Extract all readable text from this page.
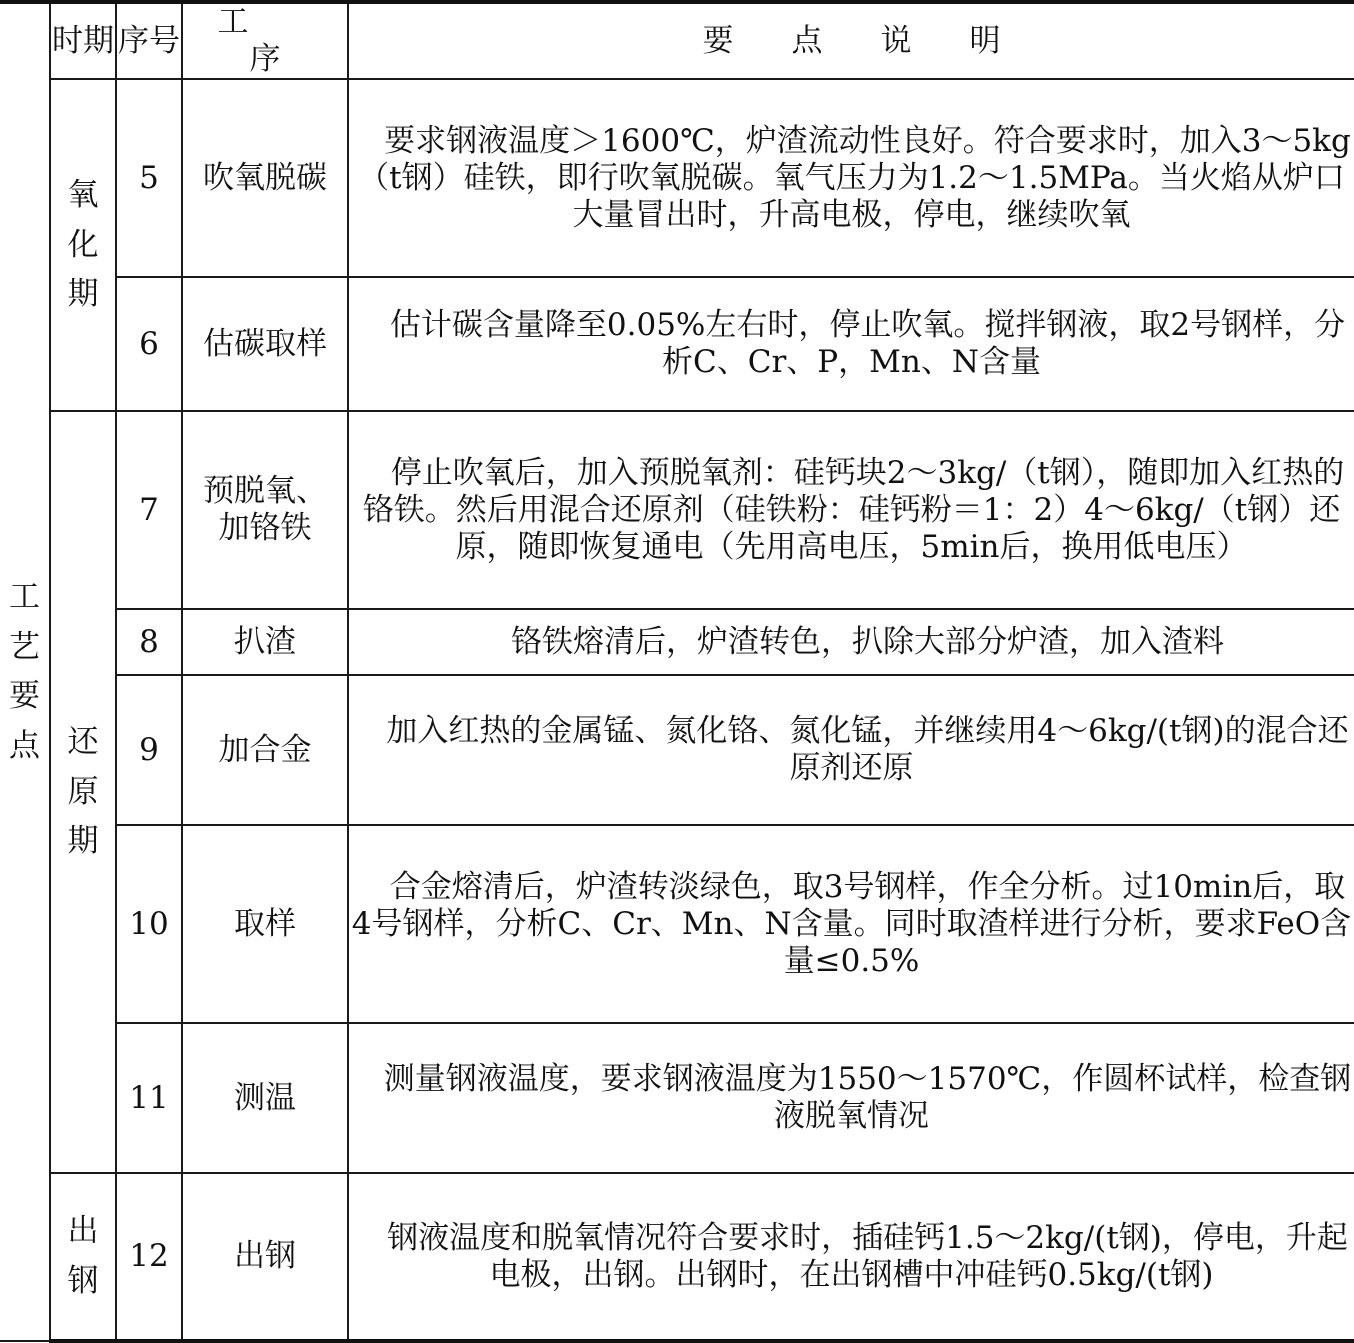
工艺要点	时期	序号	工　　序	要点说明
	氧化期	5	吹氧脱碳	要求钢液温度＞1600℃，炉渣流动性良好。符合要求时，加入3～5kg（t钢）硅铁，即行吹氧脱碳。氧气压力为1.2～1.5MPa。当火焰从炉口大量冒出时，升高电极，停电，继续吹氧

		6	估碳取样	估计碳含量降至0.05%左右时，停止吹氧。搅拌钢液，取2号钢样，分析C、Cr、P，Mn、N含量

	还原期	7	预脱氧、加铬铁	停止吹氧后，加入预脱氧剂：硅钙块2～3kg/（t钢），随即加入红热的铬铁。然后用混合还原剂（硅铁粉：硅钙粉＝1：2）4～6kg/（t钢）还原，随即恢复通电（先用高电压，5min后，换用低电压）

		8	扒渣	铬铁熔清后，炉渣转色，扒除大部分炉渣，加入渣料

		9	加合金	加入红热的金属锰、氮化铬、氮化锰，并继续用4～6kg/(t钢)的混合还原剂还原

		10	取样	合金熔清后，炉渣转淡绿色，取3号钢样，作全分析。过10min后，取4号钢样，分析C、Cr、Mn、N含量。同时取渣样进行分析，要求FeO含量≤0.5%

		11	测温	测量钢液温度，要求钢液温度为1550～1570℃，作圆杯试样，检查钢液脱氧情况

	出钢	12	出钢	钢液温度和脱氧情况符合要求时，插硅钙1.5～2kg/(t钢)，停电，升起电极，出钢。出钢时，在出钢槽中冲硅钙0.5kg/(t钢)
